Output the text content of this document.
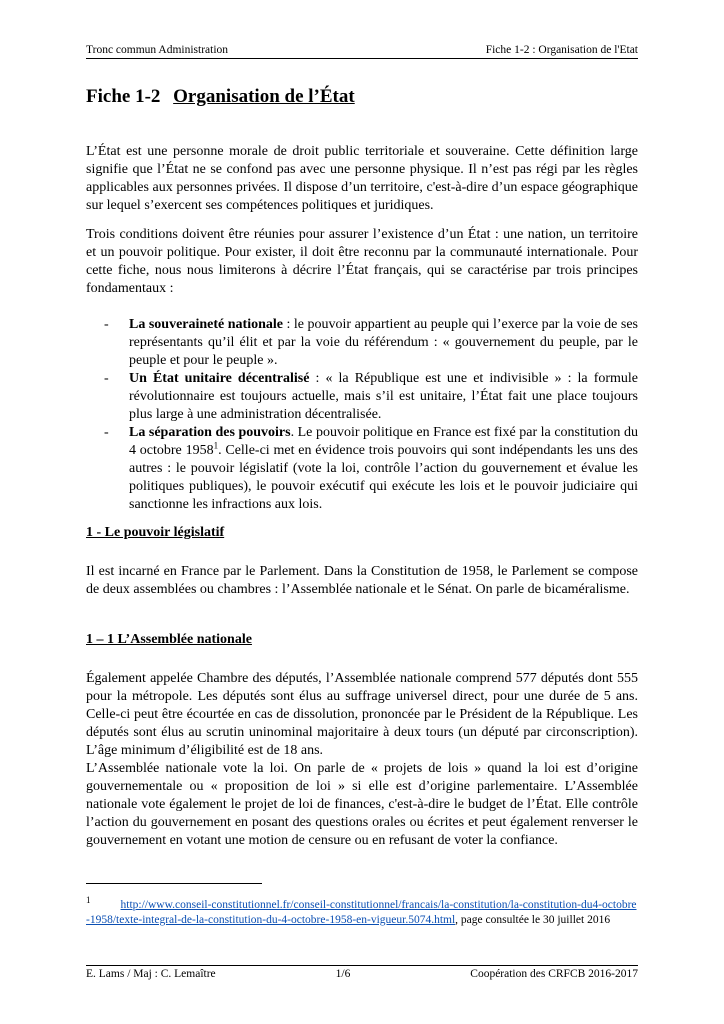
Tronc commun Administration	Fiche 1-2 : Organisation de l'Etat
Fiche 1-2 Organisation de l’État

L’État est une personne morale de droit public territoriale et souveraine. Cette définition large signifie que l’État ne se confond pas avec une personne physique. Il n’est pas régi par les règles applicables aux personnes privées. Il dispose d’un territoire, c'est-à-dire d’un espace géographique sur lequel s’exercent ses compétences politiques et juridiques.

Trois conditions doivent être réunies pour assurer l’existence d’un État : une nation, un territoire et un pouvoir politique. Pour exister, il doit être reconnu par la communauté internationale. Pour cette fiche, nous nous limiterons à décrire l’État français, qui se caractérise par trois principes fondamentaux :

- La souveraineté nationale : le pouvoir appartient au peuple qui l’exerce par la voie de ses représentants qu’il élit et par la voie du référendum : « gouvernement du peuple, par le peuple et pour le peuple ».
- Un État unitaire décentralisé : « la République est une et indivisible » : la formule révolutionnaire est toujours actuelle, mais s’il est unitaire, l’État fait une place toujours plus large à une administration décentralisée.
- La séparation des pouvoirs. Le pouvoir politique en France est fixé par la constitution du 4 octobre 1958$^1$. Celle-ci met en évidence trois pouvoirs qui sont indépendants les uns des autres : le pouvoir législatif (vote la loi, contrôle l’action du gouvernement et évalue les politiques publiques), le pouvoir exécutif qui exécute les lois et le pouvoir judiciaire qui sanctionne les infractions aux lois.
1 - Le pouvoir législatif

Il est incarné en France par le Parlement. Dans la Constitution de 1958, le Parlement se compose de deux assemblées ou chambres : l’Assemblée nationale et le Sénat. On parle de bicaméralisme.

1 – 1 L’Assemblée nationale

Également appelée Chambre des députés, l’Assemblée nationale comprend 577 députés dont 555 pour la métropole. Les députés sont élus au suffrage universel direct, pour une durée de 5 ans. Celle-ci peut être écourtée en cas de dissolution, prononcée par le Président de la République. Les députés sont élus au scrutin uninominal majoritaire à deux tours (un député par circonscription). L’âge minimum d’éligibilité est de 18 ans.

L’Assemblée nationale vote la loi. On parle de « projets de lois » quand la loi est d’origine gouvernementale ou « proposition de loi » si elle est d’origine parlementaire. L’Assemblée nationale vote également le projet de loi de finances, c'est-à-dire le budget de l’État. Elle contrôle l’action du gouvernement en posant des questions orales ou écrites et peut également renverser le gouvernement en votant une motion de censure ou en refusant de voter la confiance.

$^1$	http://www.conseil-constitutionnel.fr/conseil-constitutionnel/francais/la-constitution/la-constitution-du4-octobre-1958/texte-integral-de-la-constitution-du-4-octobre-1958-en-vigueur.5074.html, page consultée le 30 juillet 2016
E. Lams / Maj : C. Lemaître	1/6	Coopération des CRFCB 2016-2017
